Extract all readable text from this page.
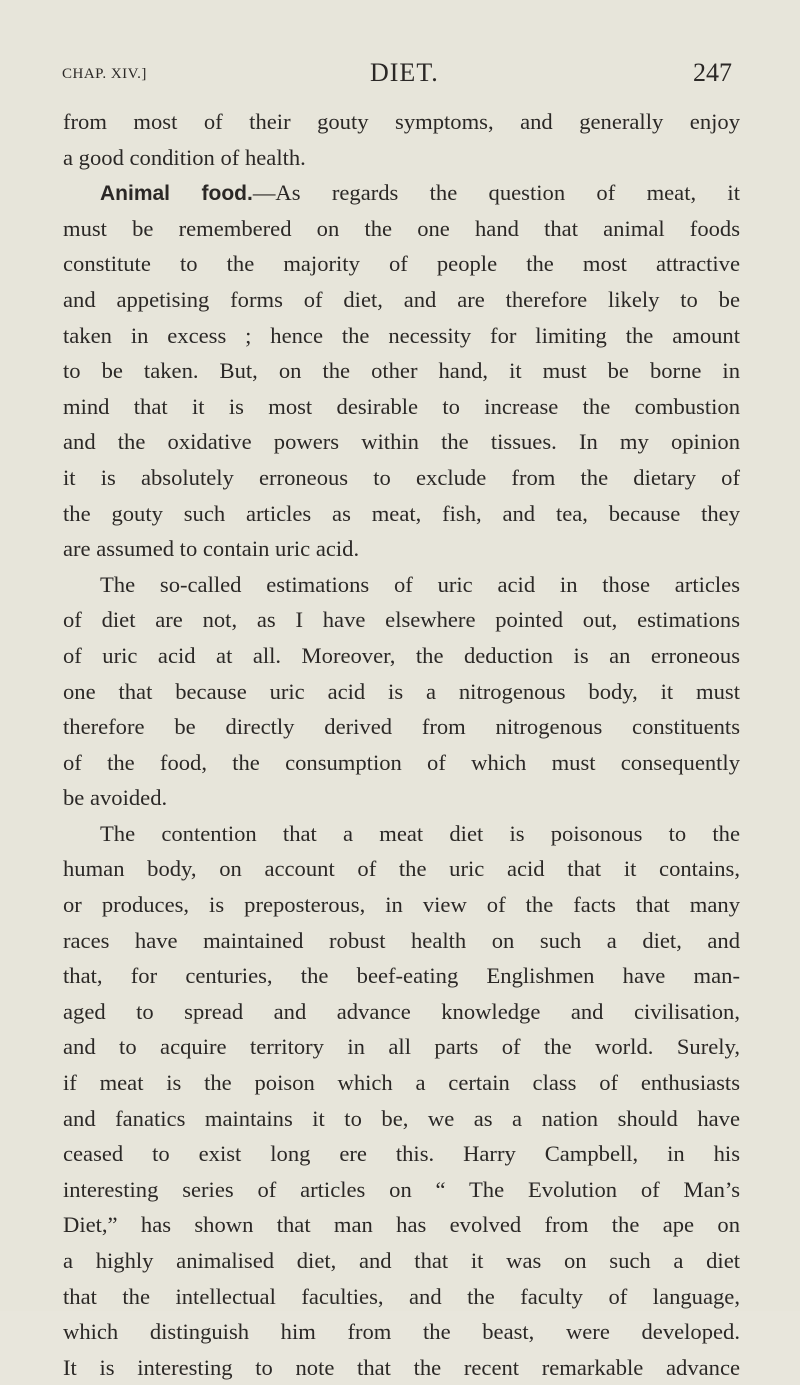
CHAP. XIV.]	DIET.	247
from most of their gouty symptoms, and generally enjoy
a good condition of health.
Animal food.—As regards the question of meat, it
must be remembered on the one hand that animal foods
constitute to the majority of people the most attractive
and appetising forms of diet, and are therefore likely to be
taken in excess ; hence the necessity for limiting the amount
to be taken. But, on the other hand, it must be borne in
mind that it is most desirable to increase the combustion
and the oxidative powers within the tissues. In my opinion
it is absolutely erroneous to exclude from the dietary of
the gouty such articles as meat, fish, and tea, because they
are assumed to contain uric acid.
The so-called estimations of uric acid in those articles
of diet are not, as I have elsewhere pointed out, estimations
of uric acid at all. Moreover, the deduction is an erroneous
one that because uric acid is a nitrogenous body, it must
therefore be directly derived from nitrogenous constituents
of the food, the consumption of which must consequently
be avoided.
The contention that a meat diet is poisonous to the
human body, on account of the uric acid that it contains,
or produces, is preposterous, in view of the facts that many
races have maintained robust health on such a diet, and
that, for centuries, the beef-eating Englishmen have man-
aged to spread and advance knowledge and civilisation,
and to acquire territory in all parts of the world. Surely,
if meat is the poison which a certain class of enthusiasts
and fanatics maintains it to be, we as a nation should have
ceased to exist long ere this. Harry Campbell, in his
interesting series of articles on “ The Evolution of Man’s
Diet,” has shown that man has evolved from the ape on
a highly animalised diet, and that it was on such a diet
that the intellectual faculties, and the faculty of language,
which distinguish him from the beast, were developed.
It is interesting to note that the recent remarkable advance
